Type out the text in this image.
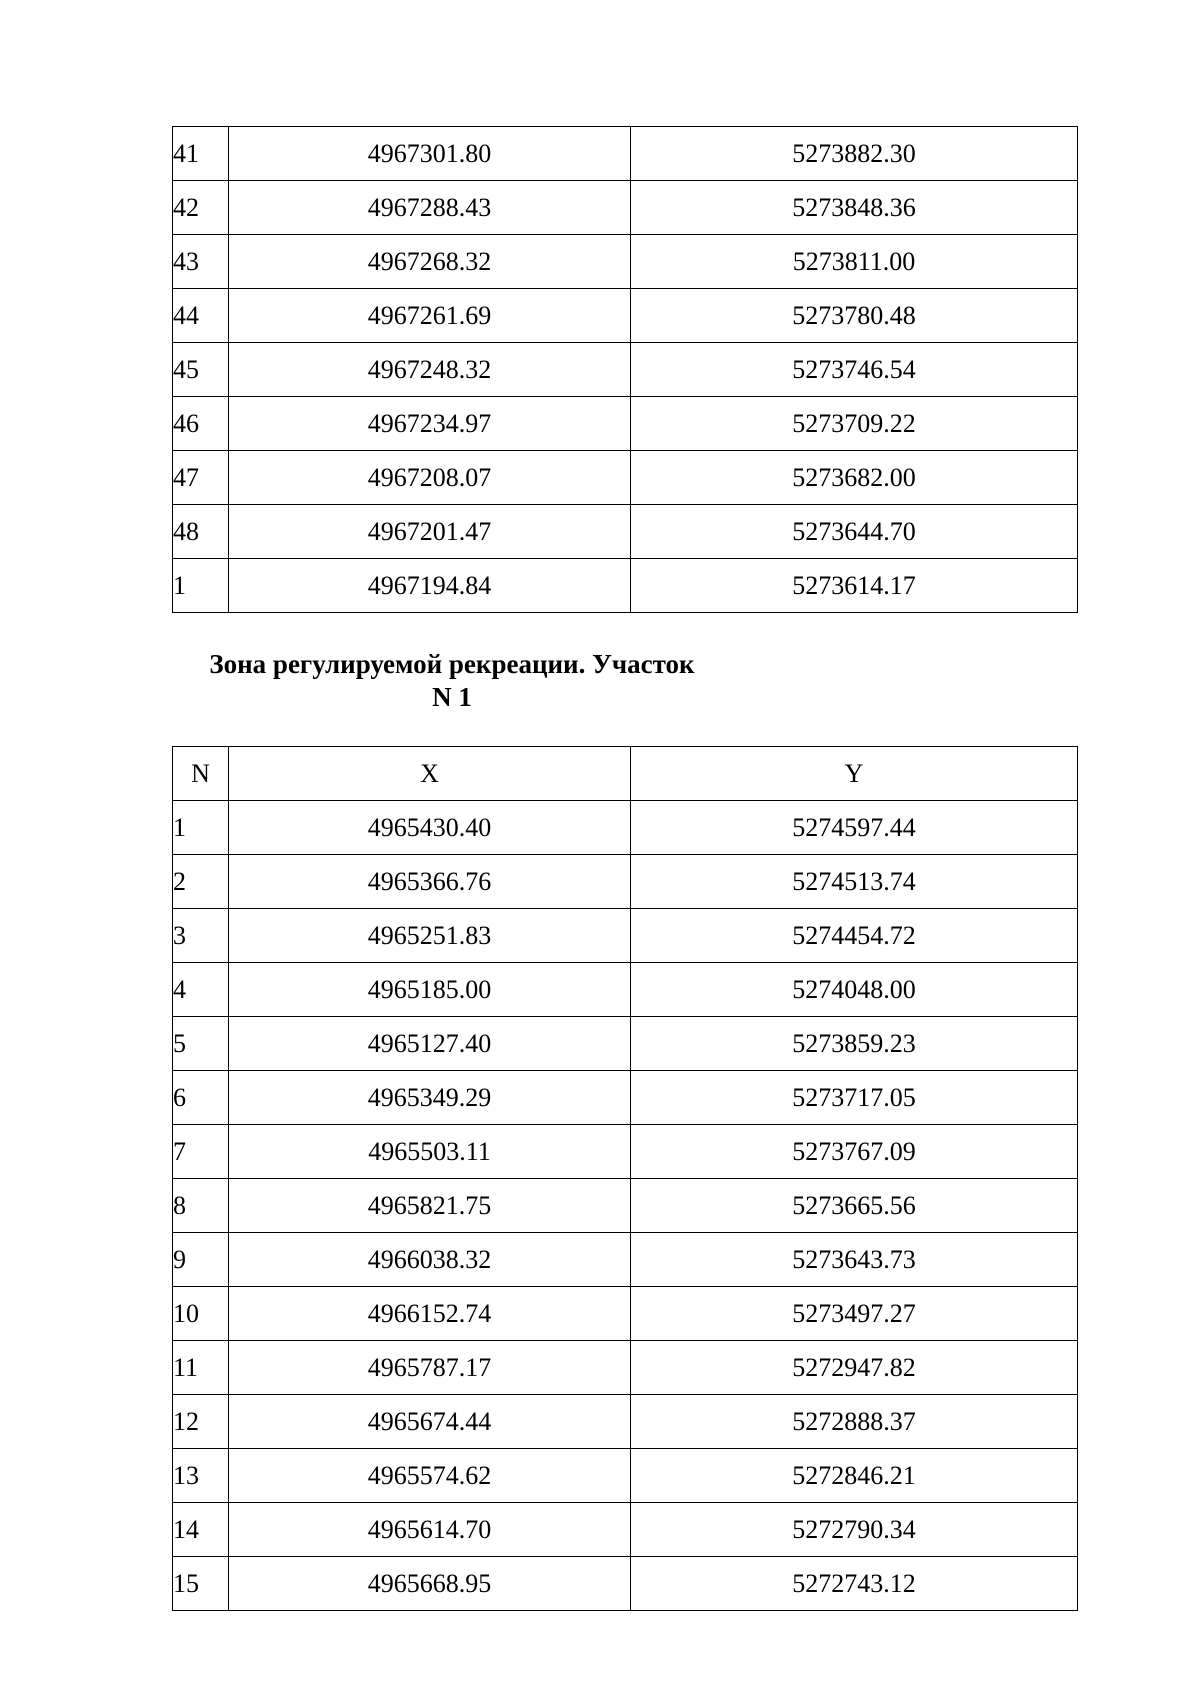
41	4967301.80	5273882.30
42	4967288.43	5273848.36
43	4967268.32	5273811.00
44	4967261.69	5273780.48
45	4967248.32	5273746.54
46	4967234.97	5273709.22
47	4967208.07	5273682.00
48	4967201.47	5273644.70
1	4967194.84	5273614.17
Зона регулируемой рекреации. Участок
N 1
N	X	Y
1	4965430.40	5274597.44
2	4965366.76	5274513.74
3	4965251.83	5274454.72
4	4965185.00	5274048.00
5	4965127.40	5273859.23
6	4965349.29	5273717.05
7	4965503.11	5273767.09
8	4965821.75	5273665.56
9	4966038.32	5273643.73
10	4966152.74	5273497.27
11	4965787.17	5272947.82
12	4965674.44	5272888.37
13	4965574.62	5272846.21
14	4965614.70	5272790.34
15	4965668.95	5272743.12
